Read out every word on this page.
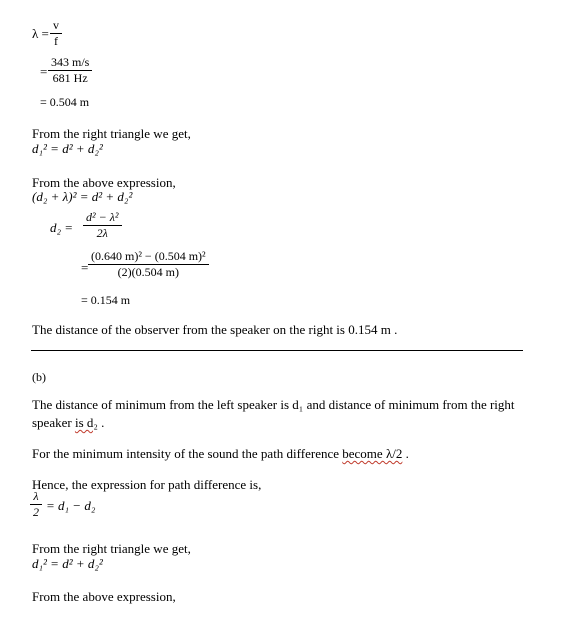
$\lambda = \frac{v}{f}$
= $\frac{343 m/s}{681 Hz}$
= 0.504 m
From the right triangle we get,
d₁² = d² + d₂²
From the above expression,
(d₂ + λ)² = d² + d₂²
$d_2 = \frac{\text{d² − λ²}}{2\lambda}$
= $\frac{\text{(0.640 m)² − (0.504 m)²}}{(2)(0.504 m)}$
= 0.154 m
The distance of the observer from the speaker on the right is 0.154 m .
(b)
The distance of minimum from the left speaker is d₁ and distance of minimum from the right
speaker is d₂ .
For the minimum intensity of the sound the path difference become λ/2 .
Hence, the expression for path difference is,
$\frac{\lambda}{2} = d_1 - d_2$
From the right triangle we get,
d₁² = d² + d₂²
From the above expression,
